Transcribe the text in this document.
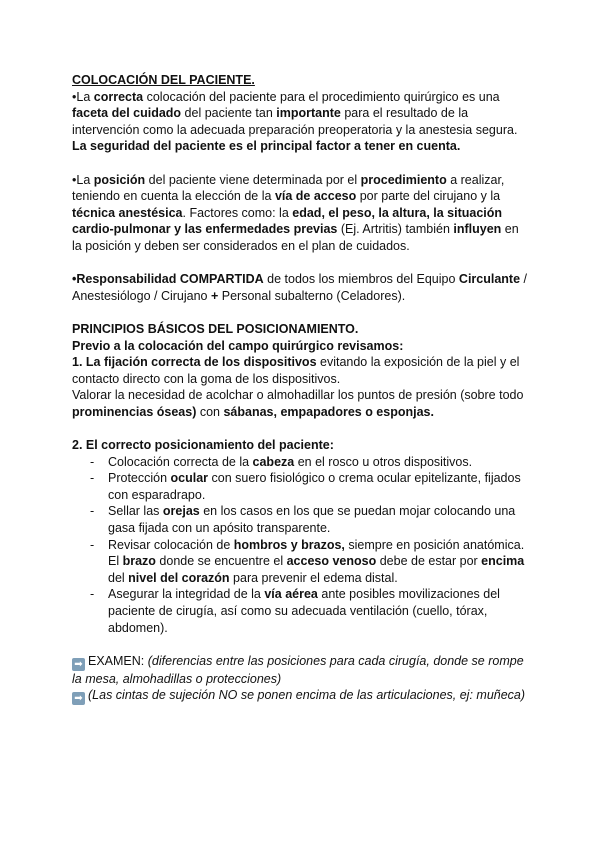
COLOCACIÓN DEL PACIENTE.

•La correcta colocación del paciente para el procedimiento quirúrgico es una faceta del cuidado del paciente tan importante para el resultado de la intervención como la adecuada preparación preoperatoria y la anestesia segura.

La seguridad del paciente es el principal factor a tener en cuenta.

•La posición del paciente viene determinada por el procedimiento a realizar, teniendo en cuenta la elección de la vía de acceso por parte del cirujano y la técnica anestésica. Factores como: la edad, el peso, la altura, la situación cardio-pulmonar y las enfermedades previas (Ej. Artritis) también influyen en la posición y deben ser considerados en el plan de cuidados.

•Responsabilidad COMPARTIDA de todos los miembros del Equipo Circulante / Anestesiólogo / Cirujano + Personal subalterno (Celadores).

PRINCIPIOS BÁSICOS DEL POSICIONAMIENTO.

Previo a la colocación del campo quirúrgico revisamos:

1. La fijación correcta de los dispositivos evitando la exposición de la piel y el contacto directo con la goma de los dispositivos.

Valorar la necesidad de acolchar o almohadillar los puntos de presión (sobre todo prominencias óseas) con sábanas, empapadores o esponjas.

2. El correcto posicionamiento del paciente:

- Colocación correcta de la cabeza en el rosco u otros dispositivos.
- Protección ocular con suero fisiológico o crema ocular epitelizante, fijados con esparadrapo.
- Sellar las orejas en los casos en los que se puedan mojar colocando una gasa fijada con un apósito transparente.
- Revisar colocación de hombros y brazos, siempre en posición anatómica. El brazo donde se encuentre el acceso venoso debe de estar por encima del nivel del corazón para prevenir el edema distal.
- Asegurar la integridad de la vía aérea ante posibles movilizaciones del paciente de cirugía, así como su adecuada ventilación (cuello, tórax, abdomen).

➡ EXAMEN: (diferencias entre las posiciones para cada cirugía, donde se rompe la mesa, almohadillas o protecciones)

➡ (Las cintas de sujeción NO se ponen encima de las articulaciones, ej: muñeca)
